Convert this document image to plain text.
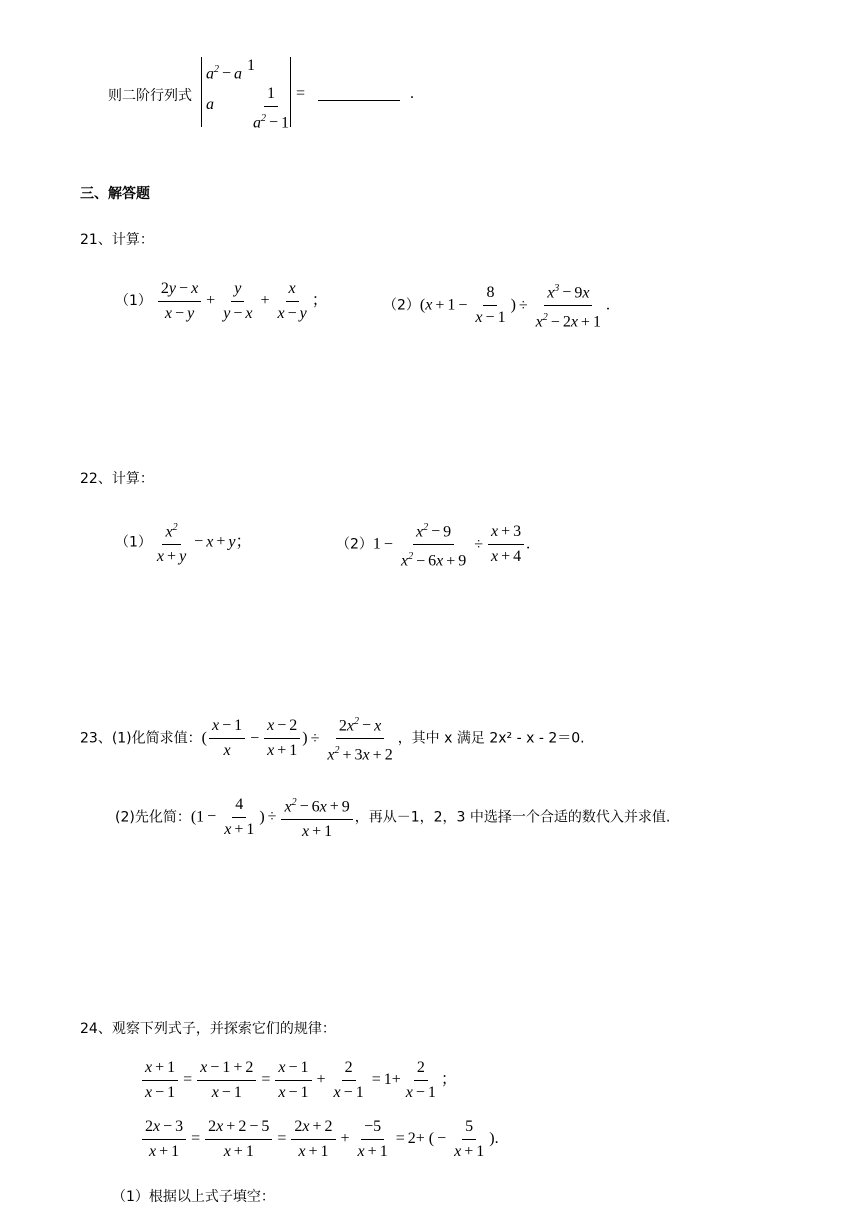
则二阶行列式
$a^2 - a$ 1
a $\frac{1}{a^2 - 1}$ =	.
三、解答题
21、计算：
$(1) \frac{2y - x}{x - y} + \frac{y}{y - x} + \frac{x}{x - y}$ ；	$(2)(x + 1 - \frac{8}{x - 1}$ ) ÷ $\frac{x^3 - 9x}{x^2 - 2x + 1}$ .
22、计算：
$(1) \frac{x^2}{x + y} - x + y$；	$(2)1 - \frac{x^2 - 9}{x^2 - 6x + 9} \div \frac{x + 3}{x + 4}$ .
23、(1)化简求值：( $\frac{x - 1}{x} - \frac{x - 2}{x + 1}$ ) ÷ $\frac{2x^2 - x}{x^2 + 3x + 2}$ ，其中 x 满足 2x² - x - 2＝0.
(2)先化简：($1 - \frac{4}{x + 1}$ ) ÷ $\frac{x^2 - 6x + 9}{x + 1}$ ，再从－1，2，3 中选择一个合适的数代入并求值.
24、观察下列式子，并探索它们的规律：
$\frac{x + 1}{x - 1} = \frac{x - 1 + 2}{x - 1} = \frac{x - 1}{x - 1} + \frac{2}{x - 1} = 1+ \frac{2}{x - 1}$ ；
$\frac{2x - 3}{x + 1} = \frac{2x + 2 - 5}{x + 1} = \frac{2x + 2}{x + 1} + \frac{-5}{x + 1} = 2+$ ( − $\frac{5}{x + 1}$ ).
（1）根据以上式子填空：
